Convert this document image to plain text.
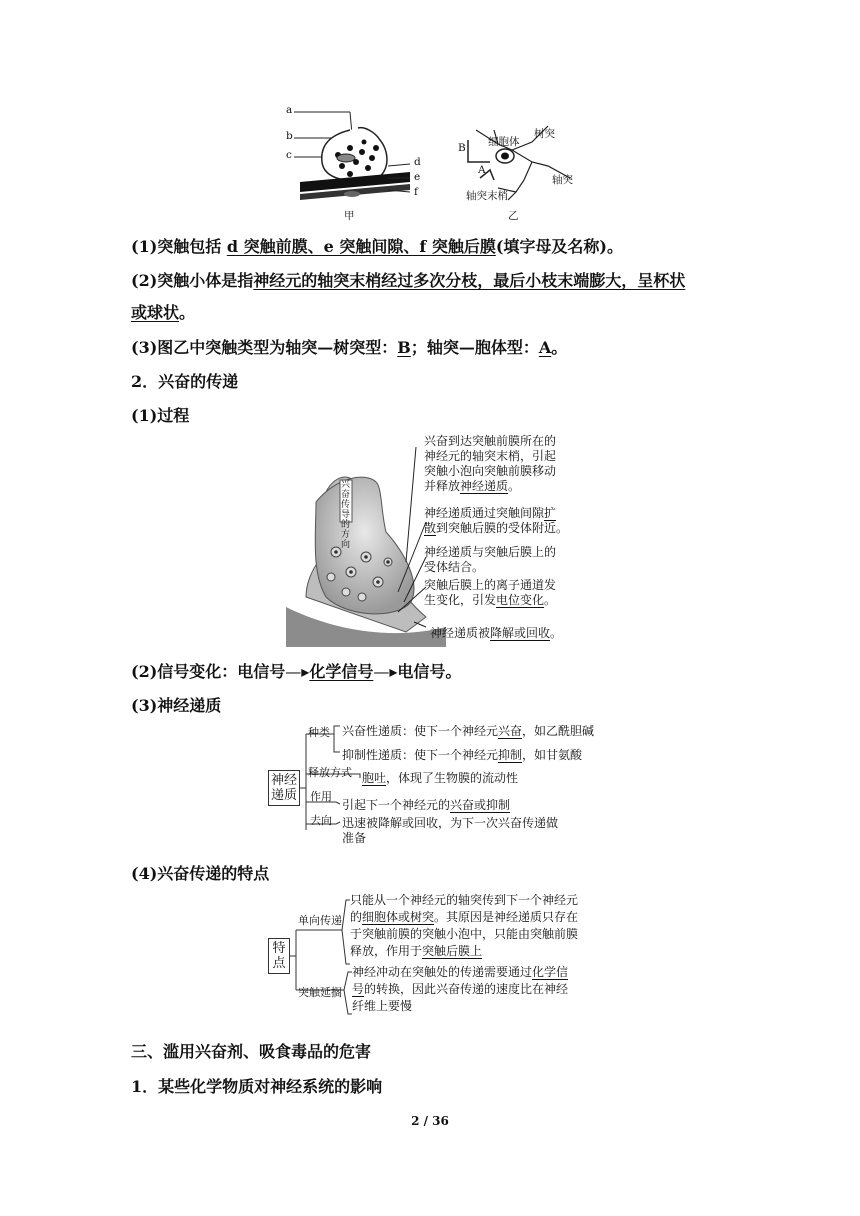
a
b
c
d
e
f
甲
B
A
细胞体
树突
轴突
轴突末梢
乙
(1)突触包括 d 突触前膜、e 突触间隙、f 突触后膜(填字母及名称)。
(2)突触小体是指神经元的轴突末梢经过多次分枝，最后小枝末端膨大，呈杯状
或球状。
(3)图乙中突触类型为轴突—树突型：B；轴突—胞体型：A。
2．兴奋的传递
(1)过程
兴奋 传导 的方 向
兴奋到达突触前膜所在的
神经元的轴突末梢，引起
突触小泡向突触前膜移动
并释放神经递质。
神经递质通过突触间隙扩
散到突触后膜的受体附近。
神经递质与突触后膜上的
受体结合。
突触后膜上的离子通道发
生变化，引发电位变化。
神经递质被降解或回收。
(2)信号变化：电信号—▸化学信号—▸电信号。
(3)神经递质
神经
递质
种类 兴奋性递质：使下一个神经元兴奋，如乙酰胆碱
抑制性递质：使下一个神经元抑制，如甘氨酸
释放方式 胞吐，体现了生物膜的流动性
作用
引起下一个神经元的兴奋或抑制
去向 迅速被降解或回收，为下一次兴奋传递做
准备
(4)兴奋传递的特点
特
点
单向传递
只能从一个神经元的轴突传到下一个神经元
的细胞体或树突。其原因是神经递质只存在
于突触前膜的突触小泡中，只能由突触前膜
释放，作用于突触后膜上
突触延搁
神经冲动在突触处的传递需要通过化学信
号的转换，因此兴奋传递的速度比在神经
纤维上要慢
三、滥用兴奋剂、吸食毒品的危害
1．某些化学物质对神经系统的影响
2 / 36
